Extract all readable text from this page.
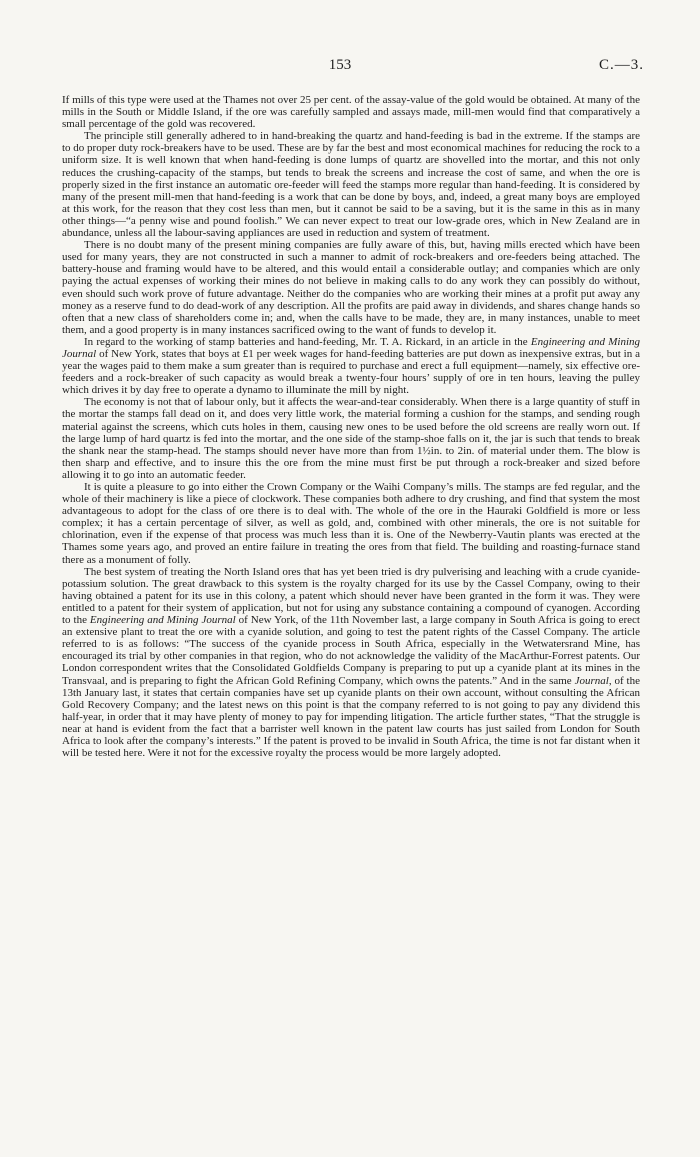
153	C.—3.

If mills of this type were used at the Thames not over 25 per cent. of the assay-value of the gold would be obtained. At many of the mills in the South or Middle Island, if the ore was carefully sampled and assays made, mill-men would find that comparatively a small percentage of the gold was recovered.

The principle still generally adhered to in hand-breaking the quartz and hand-feeding is bad in the extreme. If the stamps are to do proper duty rock-breakers have to be used. These are by far the best and most economical machines for reducing the rock to a uniform size. It is well known that when hand-feeding is done lumps of quartz are shovelled into the mortar, and this not only reduces the crushing-capacity of the stamps, but tends to break the screens and increase the cost of same, and when the ore is properly sized in the first instance an automatic ore-feeder will feed the stamps more regular than hand-feeding. It is considered by many of the present mill-men that hand-feeding is a work that can be done by boys, and, indeed, a great many boys are employed at this work, for the reason that they cost less than men, but it cannot be said to be a saving, but it is the same in this as in many other things—“a penny wise and pound foolish.” We can never expect to treat our low-grade ores, which in New Zealand are in abundance, unless all the labour-saving appliances are used in reduction and system of treatment.

There is no doubt many of the present mining companies are fully aware of this, but, having mills erected which have been used for many years, they are not constructed in such a manner to admit of rock-breakers and ore-feeders being attached. The battery-house and framing would have to be altered, and this would entail a considerable outlay; and companies which are only paying the actual expenses of working their mines do not believe in making calls to do any work they can possibly do without, even should such work prove of future advantage. Neither do the companies who are working their mines at a profit put away any money as a reserve fund to do dead-work of any description. All the profits are paid away in dividends, and shares change hands so often that a new class of shareholders come in; and, when the calls have to be made, they are, in many instances, unable to meet them, and a good property is in many instances sacrificed owing to the want of funds to develop it.

In regard to the working of stamp batteries and hand-feeding, Mr. T. A. Rickard, in an article in the Engineering and Mining Journal of New York, states that boys at £1 per week wages for hand-feeding batteries are put down as inexpensive extras, but in a year the wages paid to them make a sum greater than is required to purchase and erect a full equipment—namely, six effective ore-feeders and a rock-breaker of such capacity as would break a twenty-four hours’ supply of ore in ten hours, leaving the pulley which drives it by day free to operate a dynamo to illuminate the mill by night.

The economy is not that of labour only, but it affects the wear-and-tear considerably. When there is a large quantity of stuff in the mortar the stamps fall dead on it, and does very little work, the material forming a cushion for the stamps, and sending rough material against the screens, which cuts holes in them, causing new ones to be used before the old screens are really worn out. If the large lump of hard quartz is fed into the mortar, and the one side of the stamp-shoe falls on it, the jar is such that tends to break the shank near the stamp-head. The stamps should never have more than from 1½in. to 2in. of material under them. The blow is then sharp and effective, and to insure this the ore from the mine must first be put through a rock-breaker and sized before allowing it to go into an automatic feeder.

It is quite a pleasure to go into either the Crown Company or the Waihi Company’s mills. The stamps are fed regular, and the whole of their machinery is like a piece of clockwork. These companies both adhere to dry crushing, and find that system the most advantageous to adopt for the class of ore there is to deal with. The whole of the ore in the Hauraki Goldfield is more or less complex; it has a certain percentage of silver, as well as gold, and, combined with other minerals, the ore is not suitable for chlorination, even if the expense of that process was much less than it is. One of the Newberry-Vautin plants was erected at the Thames some years ago, and proved an entire failure in treating the ores from that field. The building and roasting-furnace stand there as a monument of folly.

The best system of treating the North Island ores that has yet been tried is dry pulverising and leaching with a crude cyanide-potassium solution. The great drawback to this system is the royalty charged for its use by the Cassel Company, owing to their having obtained a patent for its use in this colony, a patent which should never have been granted in the form it was. They were entitled to a patent for their system of application, but not for using any substance containing a compound of cyanogen. According to the Engineering and Mining Journal of New York, of the 11th November last, a large company in South Africa is going to erect an extensive plant to treat the ore with a cyanide solution, and going to test the patent rights of the Cassel Company. The article referred to is as follows: “The success of the cyanide process in South Africa, especially in the Wetwatersrand Mine, has encouraged its trial by other companies in that region, who do not acknowledge the validity of the MacArthur-Forrest patents. Our London correspondent writes that the Consolidated Goldfields Company is preparing to put up a cyanide plant at its mines in the Transvaal, and is preparing to fight the African Gold Refining Company, which owns the patents.” And in the same Journal, of the 13th January last, it states that certain companies have set up cyanide plants on their own account, without consulting the African Gold Recovery Company; and the latest news on this point is that the company referred to is not going to pay any dividend this half-year, in order that it may have plenty of money to pay for impending litigation. The article further states, “That the struggle is near at hand is evident from the fact that a barrister well known in the patent law courts has just sailed from London for South Africa to look after the company’s interests.” If the patent is proved to be invalid in South Africa, the time is not far distant when it will be tested here. Were it not for the excessive royalty the process would be more largely adopted.
